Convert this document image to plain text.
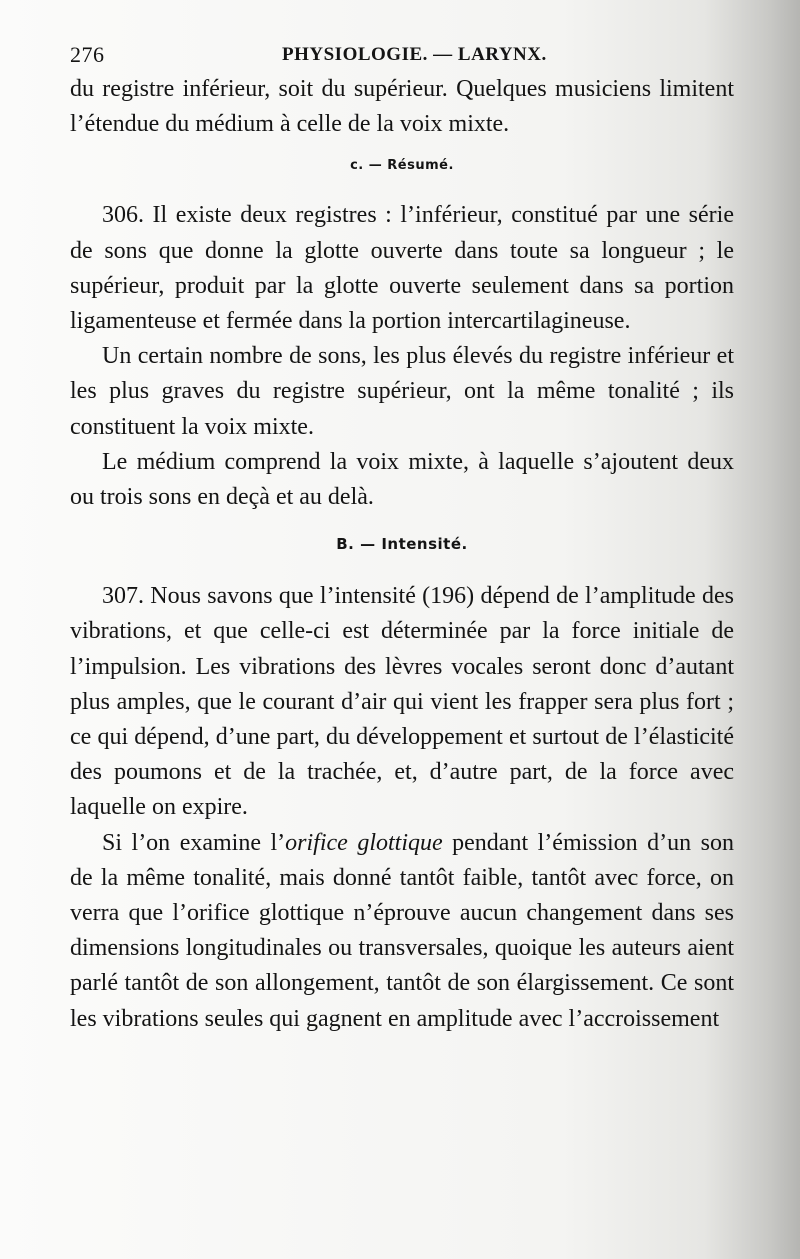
276	PHYSIOLOGIE. — LARYNX.

du registre inférieur, soit du supérieur. Quelques musiciens limitent l’étendue du médium à celle de la voix mixte.

c. — Résumé.

306. Il existe deux registres : l’inférieur, constitué par une série de sons que donne la glotte ouverte dans toute sa longueur ; le supérieur, produit par la glotte ouverte seulement dans sa portion ligamenteuse et fermée dans la portion intercartilagineuse.

Un certain nombre de sons, les plus élevés du registre inférieur et les plus graves du registre supérieur, ont la même tonalité ; ils constituent la voix mixte.

Le médium comprend la voix mixte, à laquelle s’ajoutent deux ou trois sons en deçà et au delà.

B. — Intensité.

307. Nous savons que l’intensité (196) dépend de l’amplitude des vibrations, et que celle-ci est déterminée par la force initiale de l’impulsion. Les vibrations des lèvres vocales seront donc d’autant plus amples, que le courant d’air qui vient les frapper sera plus fort ; ce qui dépend, d’une part, du développement et surtout de l’élasticité des poumons et de la trachée, et, d’autre part, de la force avec laquelle on expire.

Si l’on examine l’orifice glottique pendant l’émission d’un son de la même tonalité, mais donné tantôt faible, tantôt avec force, on verra que l’orifice glottique n’éprouve aucun changement dans ses dimensions longitudinales ou transversales, quoique les auteurs aient parlé tantôt de son allongement, tantôt de son élargissement. Ce sont les vibrations seules qui gagnent en amplitude avec l’accroissement
